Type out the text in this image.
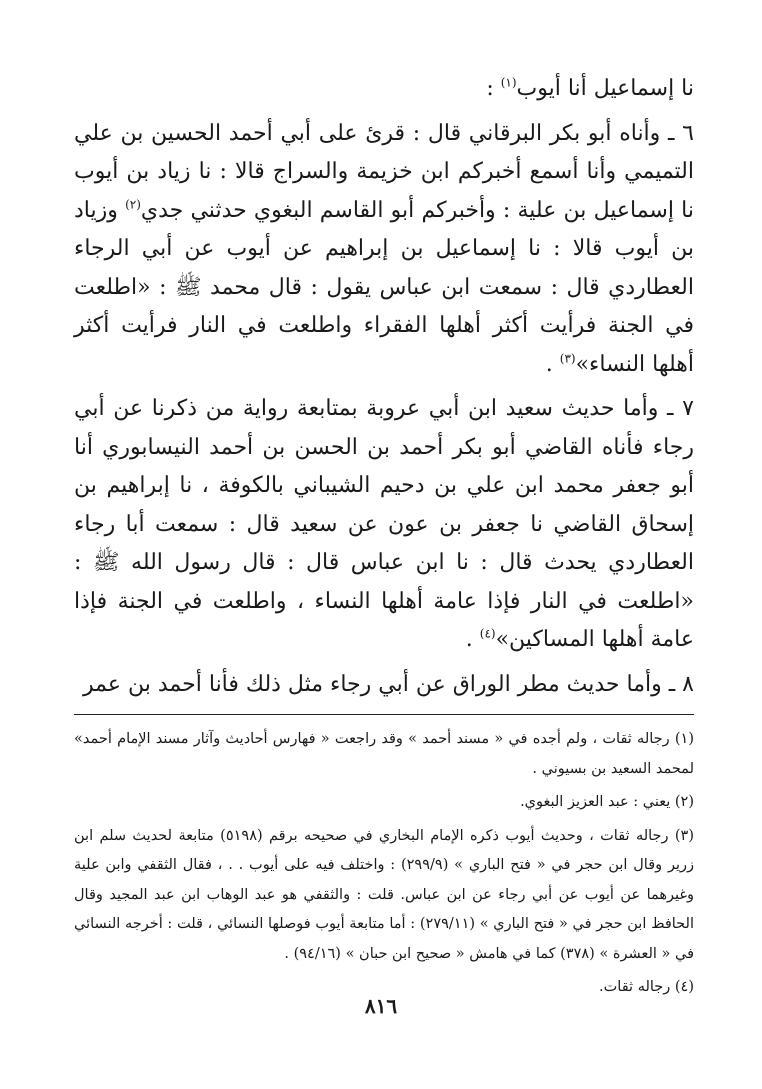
نا إسماعيل أنا أيوب$^{(١)}$ :

٦ ـ وأناه أبو بكر البرقاني قال : قرئ على أبي أحمد الحسين بن علي التميمي وأنا أسمع أخبركم ابن خزيمة والسراج قالا : نا زياد بن أيوب نا إسماعيل بن علية : وأخبركم أبو القاسم البغوي حدثني جدي$^{(٢)}$ وزياد بن أيوب قالا : نا إسماعيل بن إبراهيم عن أيوب عن أبي الرجاء العطاردي قال : سمعت ابن عباس يقول : قال محمد ﷺ : «اطلعت في الجنة فرأيت أكثر أهلها الفقراء واطلعت في النار فرأيت أكثر أهلها النساء»$^{(٣)}$ .

٧ ـ وأما حديث سعيد ابن أبي عروبة بمتابعة رواية من ذكرنا عن أبي رجاء فأناه القاضي أبو بكر أحمد بن الحسن بن أحمد النيسابوري أنا أبو جعفر محمد ابن علي بن دحيم الشيباني بالكوفة ، نا إبراهيم بن إسحاق القاضي نا جعفر بن عون عن سعيد قال : سمعت أبا رجاء العطاردي يحدث قال : نا ابن عباس قال : قال رسول الله ﷺ : «اطلعت في النار فإذا عامة أهلها النساء ، واطلعت في الجنة فإذا عامة أهلها المساكين»$^{(٤)}$ .

٨ ـ وأما حديث مطر الوراق عن أبي رجاء مثل ذلك فأنا أحمد بن عمر

(١) رجاله ثقات ، ولم أجده في « مسند أحمد » وقد راجعت « فهارس أحاديث وآثار مسند الإمام أحمد» لمحمد السعيد بن بسيوني .

(٢) يعني : عبد العزيز البغوي.

(٣) رجاله ثقات ، وحديث أيوب ذكره الإمام البخاري في صحيحه برقم (٥١٩٨) متابعة لحديث سلم ابن زرير وقال ابن حجر في « فتح الباري » (٢٩٩/٩) : واختلف فيه على أيوب . . ، فقال الثقفي وابن علية وغيرهما عن أيوب عن أبي رجاء عن ابن عباس. قلت : والثقفي هو عبد الوهاب ابن عبد المجيد وقال الحافظ ابن حجر في « فتح الباري » (٢٧٩/١١) : أما متابعة أيوب فوصلها النسائي ، قلت : أخرجه النسائي في « العشرة » (٣٧٨) كما في هامش « صحيح ابن حبان » (٩٤/١٦) .

(٤) رجاله ثقات.

٨١٦
